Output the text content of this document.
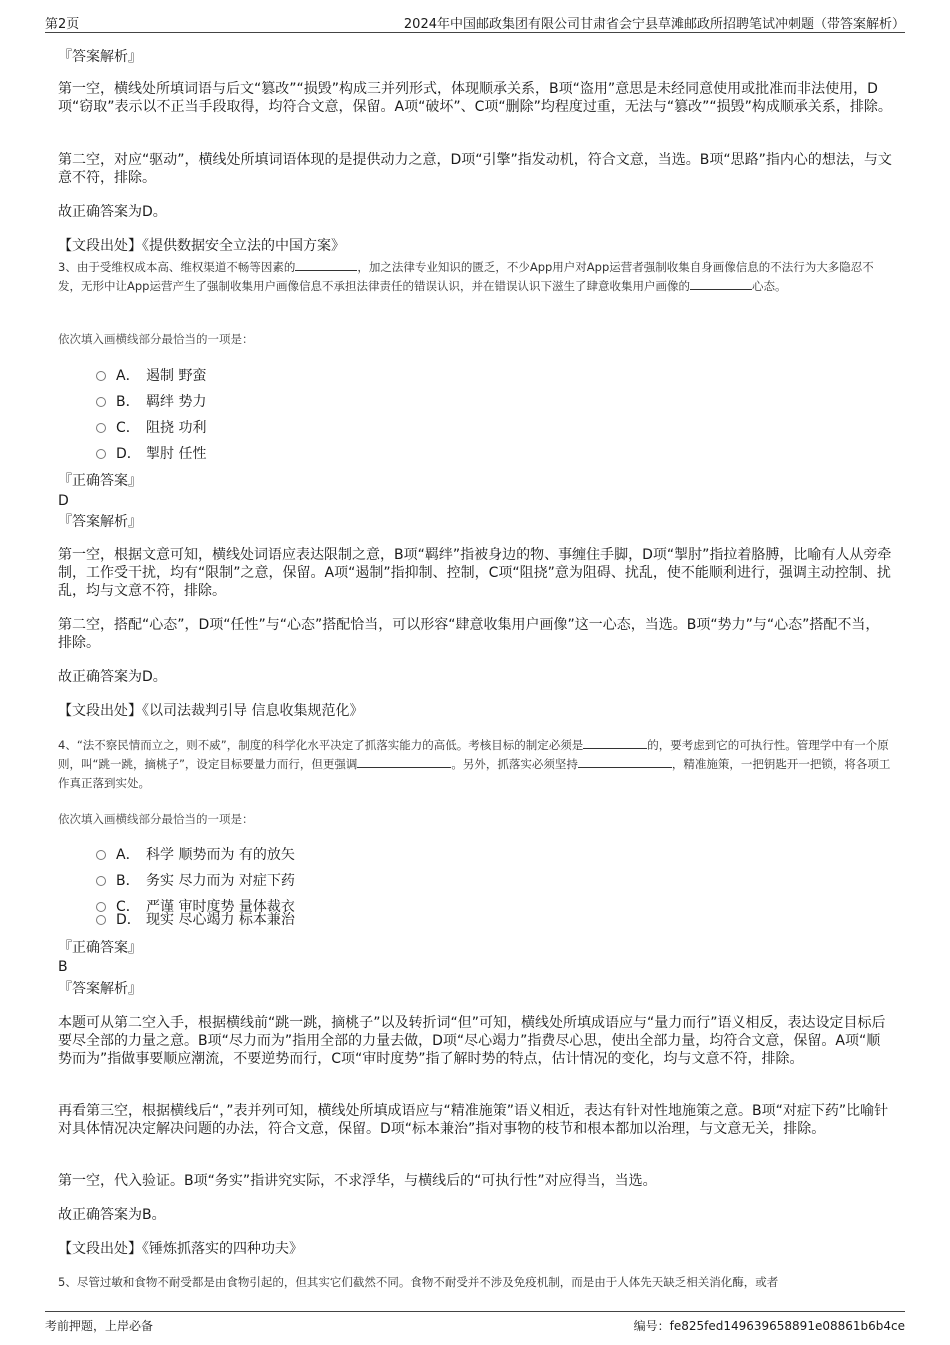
第2页	2024年中国邮政集团有限公司甘肃省会宁县草滩邮政所招聘笔试冲刺题（带答案解析）

『答案解析』

第一空，横线处所填词语与后文“篡改”“损毁”构成三并列形式，体现顺承关系，B项“盗用”意思是未经同意使用或批准而非法使用，D项“窃取”表示以不正当手段取得，均符合文意，保留。A项“破坏”、C项“删除”均程度过重，无法与“篡改”“损毁”构成顺承关系，排除。

第二空，对应“驱动”，横线处所填词语体现的是提供动力之意，D项“引擎”指发动机，符合文意，当选。B项“思路”指内心的想法，与文意不符，排除。

故正确答案为D。

【文段出处】《提供数据安全立法的中国方案》

3、由于受维权成本高、维权渠道不畅等因素的	，加之法律专业知识的匮乏，不少App用户对App运营者强制收集自身画像信息的不法行为大多隐忍不发，无形中让App运营产生了强制收集用户画像信息不承担法律责任的错误认识，并在错误认识下滋生了肆意收集用户画像的	心态。

依次填入画横线部分最恰当的一项是：

A． 遏制 野蛮
B． 羁绊 势力
C． 阻挠 功利
D． 掣肘 任性
『正确答案』
D
『答案解析』

第一空，根据文意可知，横线处词语应表达限制之意，B项“羁绊”指被身边的物、事缠住手脚，D项“掣肘”指拉着胳膊，比喻有人从旁牵制，工作受干扰，均有“限制”之意，保留。A项“遏制”指抑制、控制，C项“阻挠”意为阻碍、扰乱，使不能顺利进行，强调主动控制、扰乱，均与文意不符，排除。

第二空，搭配“心态”，D项“任性”与“心态”搭配恰当，可以形容“肆意收集用户画像”这一心态，当选。B项“势力”与“心态”搭配不当，排除。

故正确答案为D。

【文段出处】《以司法裁判引导 信息收集规范化》

4、“法不察民情而立之，则不威”，制度的科学化水平决定了抓落实能力的高低。考核目标的制定必须是	的，要考虑到它的可执行性。管理学中有一个原则，叫“跳一跳，摘桃子”，设定目标要量力而行，但更强调	。另外，抓落实必须坚持	，精准施策，一把钥匙开一把锁，将各项工作真正落到实处。

依次填入画横线部分最恰当的一项是：

A． 科学 顺势而为 有的放矢
B． 务实 尽力而为 对症下药
C． 严谨 审时度势 量体裁衣
D． 现实 尽心竭力 标本兼治
『正确答案』
B
『答案解析』

本题可从第二空入手，根据横线前“跳一跳，摘桃子”以及转折词“但”可知，横线处所填成语应与“量力而行”语义相反，表达设定目标后要尽全部的力量之意。B项“尽力而为”指用全部的力量去做，D项“尽心竭力”指费尽心思，使出全部力量，均符合文意，保留。A项“顺势而为”指做事要顺应潮流，不要逆势而行，C项“审时度势”指了解时势的特点，估计情况的变化，均与文意不符，排除。

再看第三空，根据横线后“，”表并列可知，横线处所填成语应与“精准施策”语义相近，表达有针对性地施策之意。B项“对症下药”比喻针对具体情况决定解决问题的办法，符合文意，保留。D项“标本兼治”指对事物的枝节和根本都加以治理，与文意无关，排除。

第一空，代入验证。B项“务实”指讲究实际，不求浮华，与横线后的“可执行性”对应得当，当选。

故正确答案为B。

【文段出处】《锤炼抓落实的四种功夫》

5、尽管过敏和食物不耐受都是由食物引起的，但其实它们截然不同。食物不耐受并不涉及免疫机制，而是由于人体先天缺乏相关消化酶，或者

考前押题，上岸必备	编号：fe825fed149639658891e08861b6b4ce
